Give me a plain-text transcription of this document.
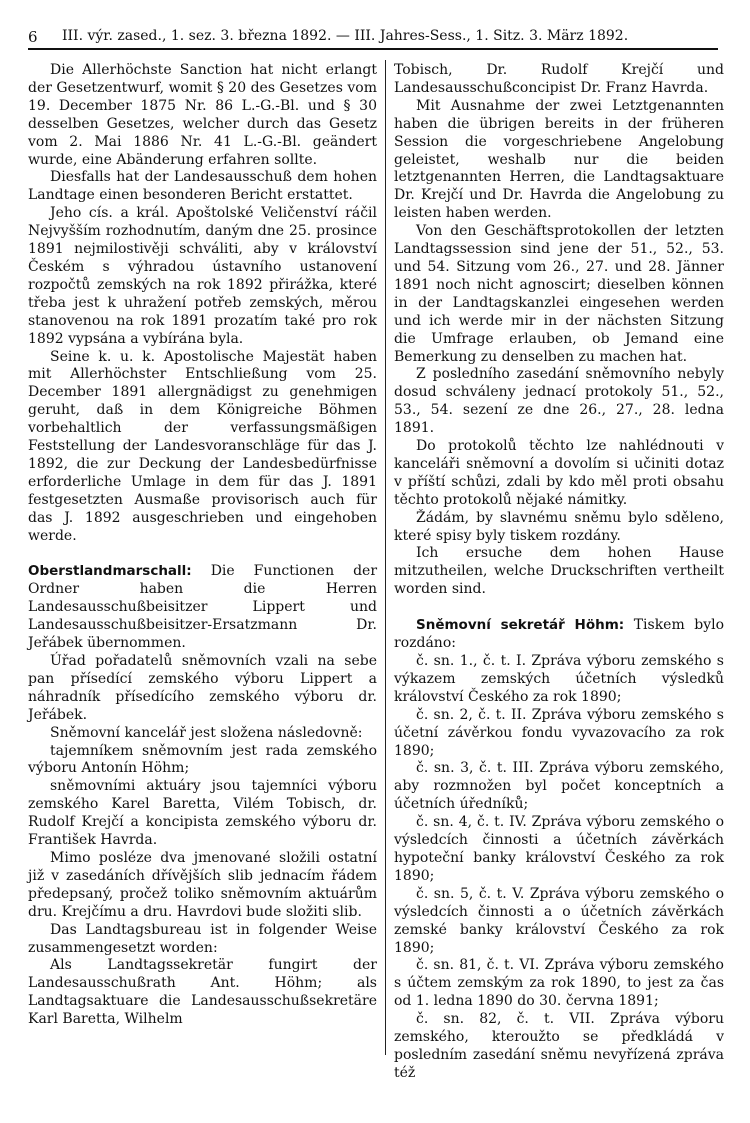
6 III. výr. zased., 1. sez. 3. března 1892. — III. Jahres-Sess., 1. Sitz. 3. März 1892.

Die Allerhöchste Sanction hat nicht erlangt der Gesetzentwurf, womit § 20 des Gesetzes vom 19. December 1875 Nr. 86 L.-G.-Bl. und § 30 desselben Gesetzes, welcher durch das Gesetz vom 2. Mai 1886 Nr. 41 L.-G.-Bl. geändert wurde, eine Abänderung erfahren sollte.

Diesfalls hat der Landesausschuß dem hohen Landtage einen besonderen Bericht erstattet.

Jeho cís. a král. Apoštolské Veličenství ráčil Nejvyšším rozhodnutím, daným dne 25. prosince 1891 nejmilostivěji schváliti, aby v království Českém s výhradou ústavního ustanovení rozpočtů zemských na rok 1892 přirážka, které třeba jest k uhražení potřeb zemských, měrou stanovenou na rok 1891 prozatím také pro rok 1892 vypsána a vybírána byla.

Seine k. u. k. Apostolische Majestät haben mit Allerhöchster Entschließung vom 25. December 1891 allergnädigst zu genehmigen geruht, daß in dem Königreiche Böhmen vorbehaltlich der verfassungsmäßigen Feststellung der Landesvoranschläge für das J. 1892, die zur Deckung der Landesbedürfnisse erforderliche Umlage in dem für das J. 1891 festgesetzten Ausmaße provisorisch auch für das J. 1892 ausgeschrieben und eingehoben werde.

Oberstlandmarschall: Die Functionen der Ordner haben die Herren Landesausschußbeisitzer Lippert und Landesausschußbeisitzer-Ersatzmann Dr. Jeřábek übernommen.

Úřad pořadatelů sněmovních vzali na sebe pan přísedící zemského výboru Lippert a náhradník přísedícího zemského výboru dr. Jeřábek.

Sněmovní kancelář jest složena následovně:

tajemníkem sněmovním jest rada zemského výboru Antonín Höhm;

sněmovními aktuáry jsou tajemníci výboru zemského Karel Baretta, Vilém Tobisch, dr. Rudolf Krejčí a koncipista zemského výboru dr. František Havrda.

Mimo posléze dva jmenované složili ostatní již v zasedáních dřívějších slib jednacím řádem předepsaný, pročež toliko sněmovním aktuárům dru. Krejčímu a dru. Havrdovi bude složiti slib.

Das Landtagsbureau ist in folgender Weise zusammengesetzt worden:

Als Landtagssekretär fungirt der Landesausschußrath Ant. Höhm; als Landtagsaktuare die Landesausschußsekretäre Karl Baretta, Wilhelm

Tobisch, Dr. Rudolf Krejčí und Landesausschußconcipist Dr. Franz Havrda.

Mit Ausnahme der zwei Letztgenannten haben die übrigen bereits in der früheren Session die vorgeschriebene Angelobung geleistet, weshalb nur die beiden letztgenannten Herren, die Landtagsaktuare Dr. Krejčí und Dr. Havrda die Angelobung zu leisten haben werden.

Von den Geschäftsprotokollen der letzten Landtagssession sind jene der 51., 52., 53. und 54. Sitzung vom 26., 27. und 28. Jänner 1891 noch nicht agnoscirt; dieselben können in der Landtagskanzlei eingesehen werden und ich werde mir in der nächsten Sitzung die Umfrage erlauben, ob Jemand eine Bemerkung zu denselben zu machen hat.

Z posledního zasedání sněmovního nebyly dosud schváleny jednací protokoly 51., 52., 53., 54. sezení ze dne 26., 27., 28. ledna 1891.

Do protokolů těchto lze nahlédnouti v kanceláři sněmovní a dovolím si učiniti dotaz v příští schůzi, zdali by kdo měl proti obsahu těchto protokolů nějaké námitky.

Žádám, by slavnému sněmu bylo sděleno, které spisy byly tiskem rozdány.

Ich ersuche dem hohen Hause mitzutheilen, welche Druckschriften vertheilt worden sind.

Sněmovní sekretář Höhm: Tiskem bylo rozdáno:

č. sn. 1., č. t. I. Zpráva výboru zemského s výkazem zemských účetních výsledků království Českého za rok 1890;

č. sn. 2, č. t. II. Zpráva výboru zemského s účetní závěrkou fondu vyvazovacího za rok 1890;

č. sn. 3, č. t. III. Zpráva výboru zemského, aby rozmnožen byl počet konceptních a účetních úředníků;

č. sn. 4, č. t. IV. Zpráva výboru zemského o výsledcích činnosti a účetních závěrkách hypoteční banky království Českého za rok 1890;

č. sn. 5, č. t. V. Zpráva výboru zemského o výsledcích činnosti a o účetních závěrkách zemské banky království Českého za rok 1890;

č. sn. 81, č. t. VI. Zpráva výboru zemského s účtem zemským za rok 1890, to jest za čas od 1. ledna 1890 do 30. června 1891;

č. sn. 82, č. t. VII. Zpráva výboru zemského, kteroužto se předkládá v posledním zasedání sněmu nevyřízená zpráva též
